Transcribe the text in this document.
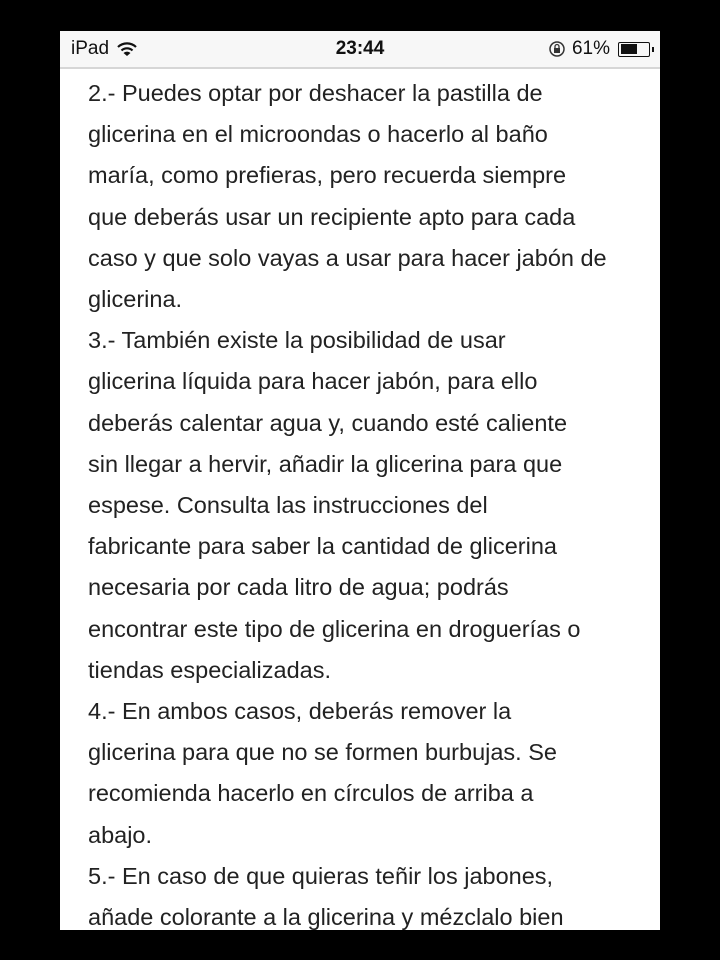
iPad	23:44	61%
2.- Puedes optar por deshacer la pastilla de
glicerina en el microondas o hacerlo al baño
maría, como prefieras, pero recuerda siempre
que deberás usar un recipiente apto para cada
caso y que solo vayas a usar para hacer jabón de
glicerina.
3.- También existe la posibilidad de usar
glicerina líquida para hacer jabón, para ello
deberás calentar agua y, cuando esté caliente
sin llegar a hervir, añadir la glicerina para que
espese. Consulta las instrucciones del
fabricante para saber la cantidad de glicerina
necesaria por cada litro de agua; podrás
encontrar este tipo de glicerina en droguerías o
tiendas especializadas.
4.- En ambos casos, deberás remover la
glicerina para que no se formen burbujas. Se
recomienda hacerlo en círculos de arriba a
abajo.
5.- En caso de que quieras teñir los jabones,
añade colorante a la glicerina y mézclalo bien
